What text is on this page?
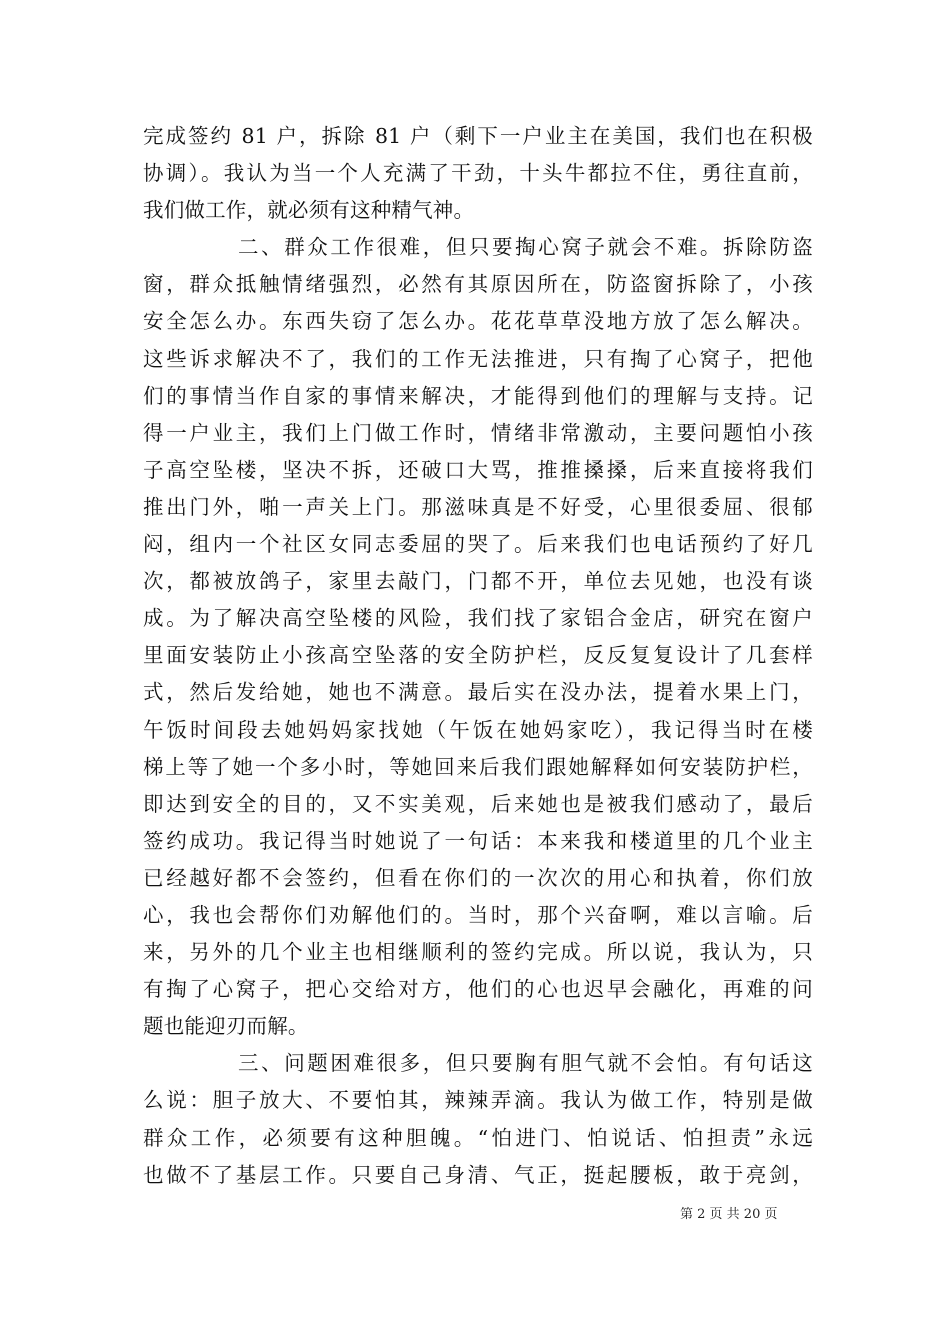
完成签约 81 户，拆除 81 户（剩下一户业主在美国，我们也在积极
协调）。我认为当一个人充满了干劲，十头牛都拉不住，勇往直前，
我们做工作，就必须有这种精气神。
二、群众工作很难，但只要掏心窝子就会不难。拆除防盗
窗，群众抵触情绪强烈，必然有其原因所在，防盗窗拆除了，小孩
安全怎么办。东西失窃了怎么办。花花草草没地方放了怎么解决。
这些诉求解决不了，我们的工作无法推进，只有掏了心窝子，把他
们的事情当作自家的事情来解决，才能得到他们的理解与支持。记
得一户业主，我们上门做工作时，情绪非常激动，主要问题怕小孩
子高空坠楼，坚决不拆，还破口大骂，推推搡搡，后来直接将我们
推出门外，啪一声关上门。那滋味真是不好受，心里很委屈、很郁
闷，组内一个社区女同志委屈的哭了。后来我们也电话预约了好几
次，都被放鸽子，家里去敲门，门都不开，单位去见她，也没有谈
成。为了解决高空坠楼的风险，我们找了家铝合金店，研究在窗户
里面安装防止小孩高空坠落的安全防护栏，反反复复设计了几套样
式，然后发给她，她也不满意。最后实在没办法，提着水果上门，
午饭时间段去她妈妈家找她（午饭在她妈家吃），我记得当时在楼
梯上等了她一个多小时，等她回来后我们跟她解释如何安装防护栏，
即达到安全的目的，又不实美观，后来她也是被我们感动了，最后
签约成功。我记得当时她说了一句话：本来我和楼道里的几个业主
已经越好都不会签约，但看在你们的一次次的用心和执着，你们放
心，我也会帮你们劝解他们的。当时，那个兴奋啊，难以言喻。后
来，另外的几个业主也相继顺利的签约完成。所以说，我认为，只
有掏了心窝子，把心交给对方，他们的心也迟早会融化，再难的问
题也能迎刃而解。
三、问题困难很多，但只要胸有胆气就不会怕。有句话这
么说：胆子放大、不要怕其，辣辣弄滴。我认为做工作，特别是做
群众工作，必须要有这种胆魄。“怕进门、怕说话、怕担责”永远
也做不了基层工作。只要自己身清、气正，挺起腰板，敢于亮剑，
第 2 页 共 20 页
